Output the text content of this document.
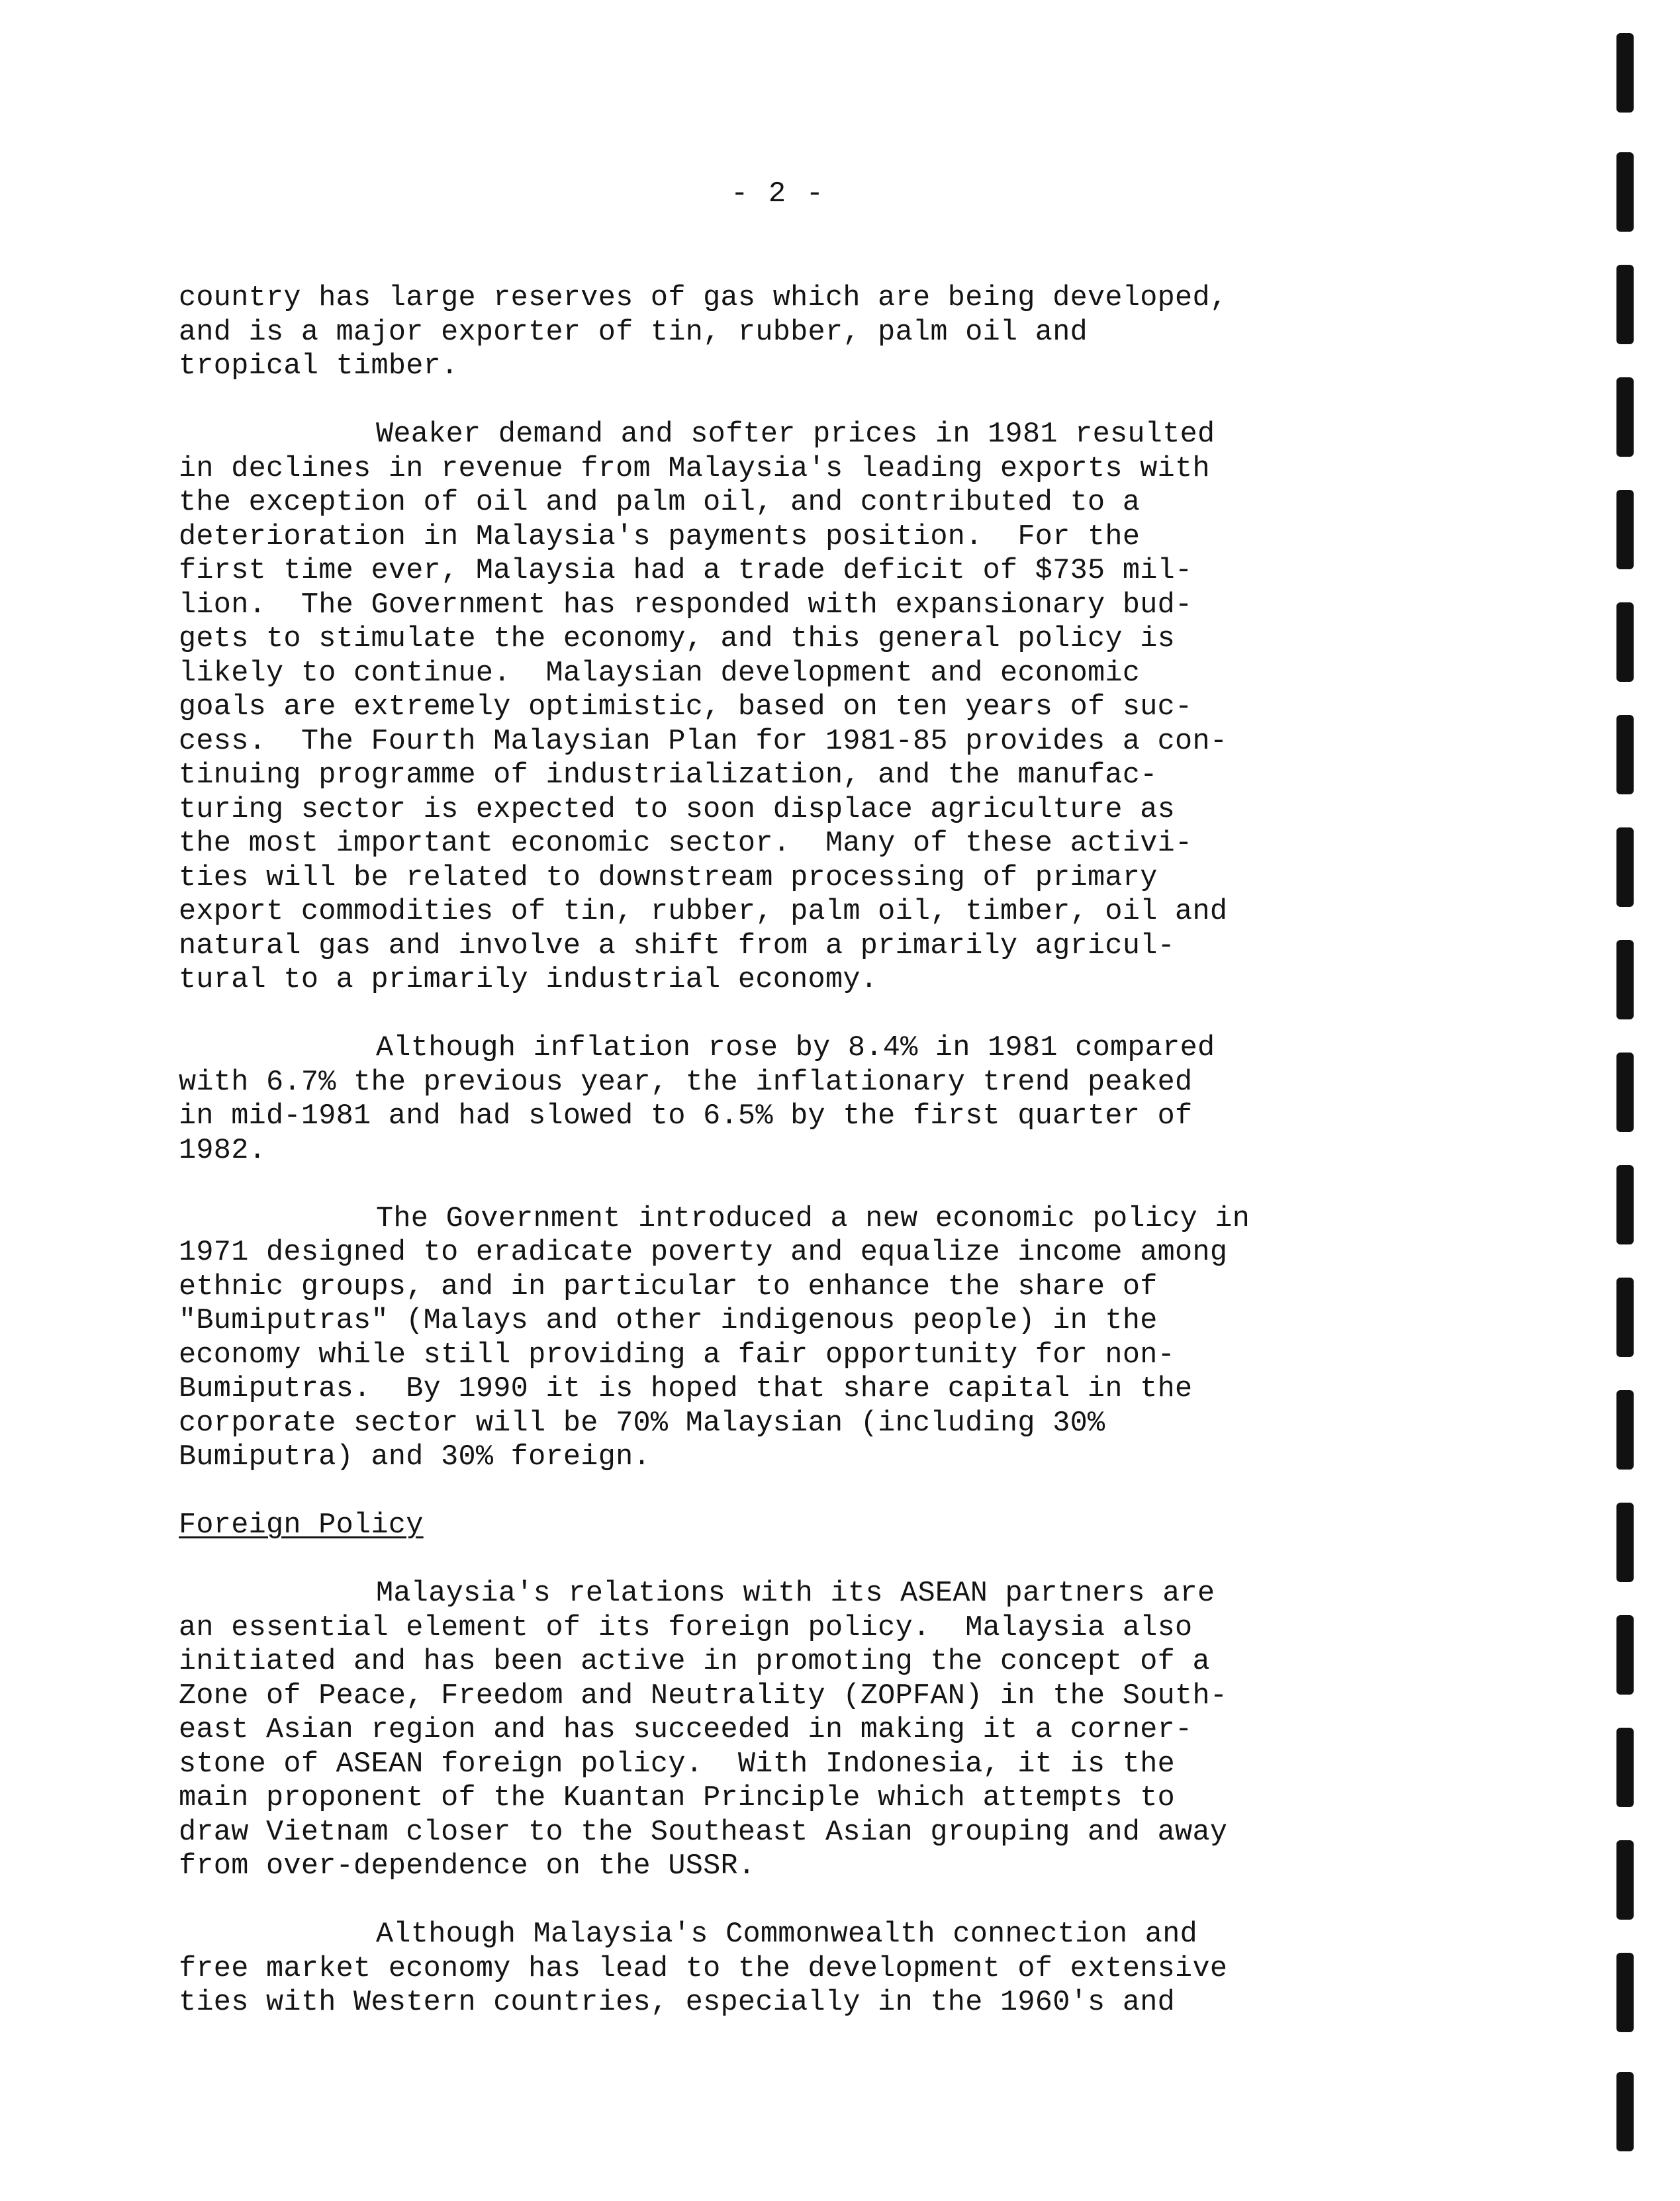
- 2 -
country has large reserves of gas which are being developed,
and is a major exporter of tin, rubber, palm oil and
tropical timber.
Weaker demand and softer prices in 1981 resulted
in declines in revenue from Malaysia's leading exports with
the exception of oil and palm oil, and contributed to a
deterioration in Malaysia's payments position.  For the
first time ever, Malaysia had a trade deficit of $735 mil-
lion.  The Government has responded with expansionary bud-
gets to stimulate the economy, and this general policy is
likely to continue.  Malaysian development and economic
goals are extremely optimistic, based on ten years of suc-
cess.  The Fourth Malaysian Plan for 1981-85 provides a con-
tinuing programme of industrialization, and the manufac-
turing sector is expected to soon displace agriculture as
the most important economic sector.  Many of these activi-
ties will be related to downstream processing of primary
export commodities of tin, rubber, palm oil, timber, oil and
natural gas and involve a shift from a primarily agricul-
tural to a primarily industrial economy.
Although inflation rose by 8.4% in 1981 compared
with 6.7% the previous year, the inflationary trend peaked
in mid-1981 and had slowed to 6.5% by the first quarter of
1982.
The Government introduced a new economic policy in
1971 designed to eradicate poverty and equalize income among
ethnic groups, and in particular to enhance the share of
"Bumiputras" (Malays and other indigenous people) in the
economy while still providing a fair opportunity for non-
Bumiputras.  By 1990 it is hoped that share capital in the
corporate sector will be 70% Malaysian (including 30%
Bumiputra) and 30% foreign.
Foreign Policy
Malaysia's relations with its ASEAN partners are
an essential element of its foreign policy.  Malaysia also
initiated and has been active in promoting the concept of a
Zone of Peace, Freedom and Neutrality (ZOPFAN) in the South-
east Asian region and has succeeded in making it a corner-
stone of ASEAN foreign policy.  With Indonesia, it is the
main proponent of the Kuantan Principle which attempts to
draw Vietnam closer to the Southeast Asian grouping and away
from over-dependence on the USSR.
Although Malaysia's Commonwealth connection and
free market economy has lead to the development of extensive
ties with Western countries, especially in the 1960's and
